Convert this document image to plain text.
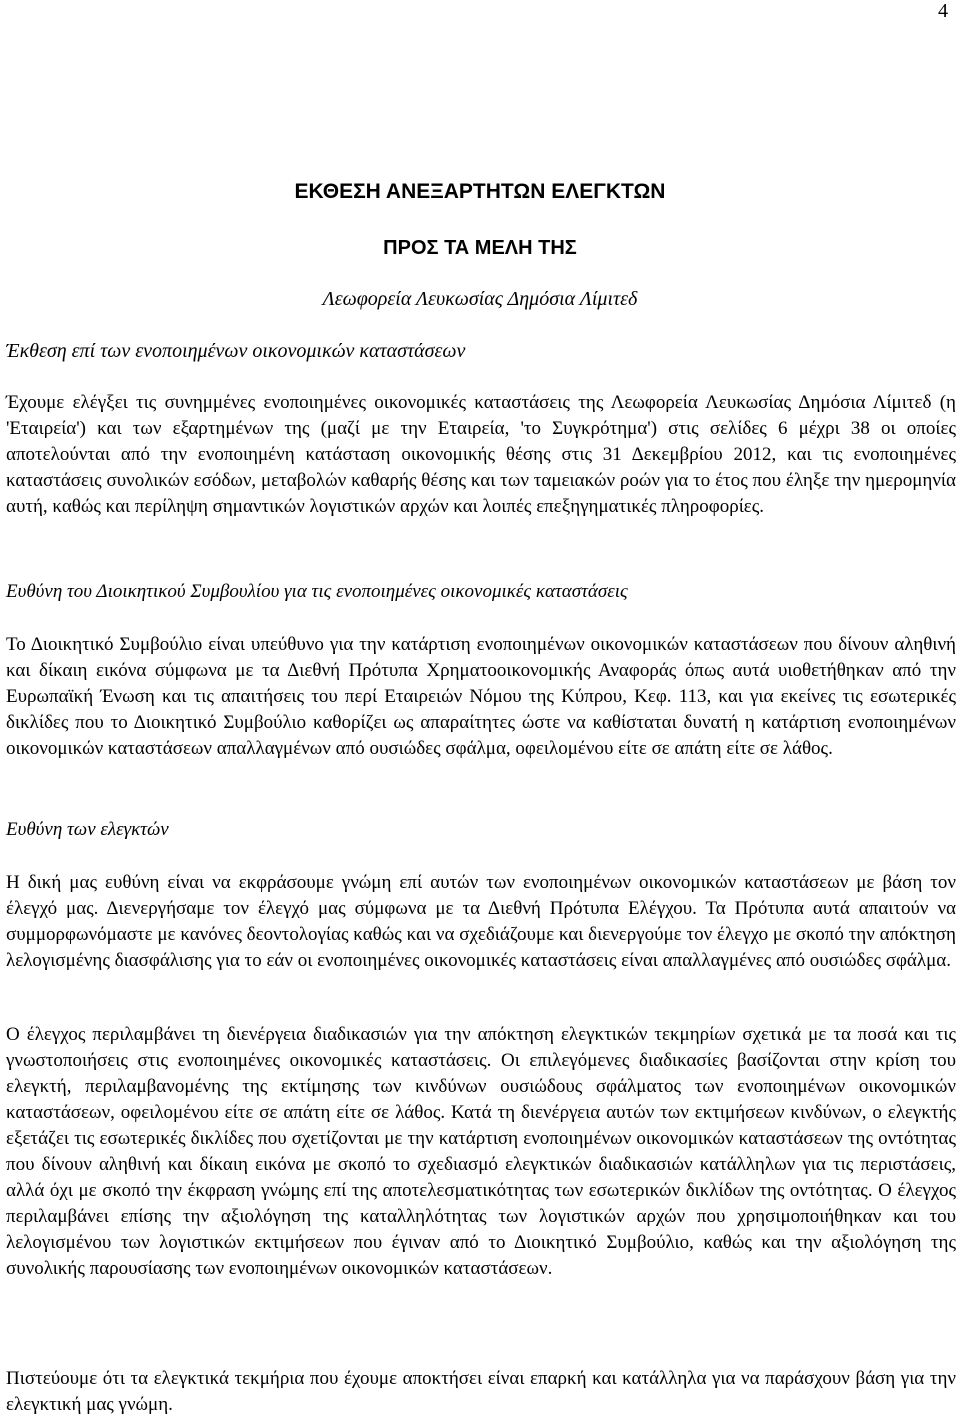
4
ΕΚΘΕΣΗ ΑΝΕΞΑΡΤΗΤΩΝ ΕΛΕΓΚΤΩΝ
ΠΡΟΣ ΤΑ ΜΕΛΗ ΤΗΣ
Λεωφορεία Λευκωσίας Δημόσια Λίμιτεδ
Έκθεση επί των ενοποιημένων οικονομικών καταστάσεων
Έχουμε ελέγξει τις συνημμένες ενοποιημένες οικονομικές καταστάσεις της Λεωφορεία Λευκωσίας Δημόσια Λίμιτεδ (η 'Εταιρεία') και των εξαρτημένων της (μαζί με την Εταιρεία, 'το Συγκρότημα') στις σελίδες 6 μέχρι 38 οι οποίες αποτελούνται από την ενοποιημένη κατάσταση οικονομικής θέσης στις 31 Δεκεμβρίου 2012, και τις ενοποιημένες καταστάσεις συνολικών εσόδων, μεταβολών καθαρής θέσης και των ταμειακών ροών για το έτος που έληξε την ημερομηνία αυτή, καθώς και περίληψη σημαντικών λογιστικών αρχών και λοιπές επεξηγηματικές πληροφορίες.
Ευθύνη του Διοικητικού Συμβουλίου για τις ενοποιημένες οικονομικές καταστάσεις
Το Διοικητικό Συμβούλιο είναι υπεύθυνο για την κατάρτιση ενοποιημένων οικονομικών καταστάσεων που δίνουν αληθινή και δίκαιη εικόνα σύμφωνα με τα Διεθνή Πρότυπα Χρηματοοικονομικής Αναφοράς όπως αυτά υιοθετήθηκαν από την Ευρωπαϊκή Ένωση και τις απαιτήσεις του περί Εταιρειών Νόμου της Κύπρου, Κεφ. 113, και για εκείνες τις εσωτερικές δικλίδες που το Διοικητικό Συμβούλιο καθορίζει ως απαραίτητες ώστε να καθίσταται δυνατή η κατάρτιση ενοποιημένων οικονομικών καταστάσεων απαλλαγμένων από ουσιώδες σφάλμα, οφειλομένου είτε σε απάτη είτε σε λάθος.
Ευθύνη των ελεγκτών
Η δική μας ευθύνη είναι να εκφράσουμε γνώμη επί αυτών των ενοποιημένων οικονομικών καταστάσεων με βάση τον έλεγχό μας. Διενεργήσαμε τον έλεγχό μας σύμφωνα με τα Διεθνή Πρότυπα Ελέγχου. Τα Πρότυπα αυτά απαιτούν να συμμορφωνόμαστε με κανόνες δεοντολογίας καθώς και να σχεδιάζουμε και διενεργούμε τον έλεγχο με σκοπό την απόκτηση λελογισμένης διασφάλισης για το εάν οι ενοποιημένες οικονομικές καταστάσεις είναι απαλλαγμένες από ουσιώδες σφάλμα.
Ο έλεγχος περιλαμβάνει τη διενέργεια διαδικασιών για την απόκτηση ελεγκτικών τεκμηρίων σχετικά με τα ποσά και τις γνωστοποιήσεις στις ενοποιημένες οικονομικές καταστάσεις. Οι επιλεγόμενες διαδικασίες βασίζονται στην κρίση του ελεγκτή, περιλαμβανομένης της εκτίμησης των κινδύνων ουσιώδους σφάλματος των ενοποιημένων οικονομικών καταστάσεων, οφειλομένου είτε σε απάτη είτε σε λάθος. Κατά τη διενέργεια αυτών των εκτιμήσεων κινδύνων, ο ελεγκτής εξετάζει τις εσωτερικές δικλίδες που σχετίζονται με την κατάρτιση ενοποιημένων οικονομικών καταστάσεων της οντότητας που δίνουν αληθινή και δίκαιη εικόνα με σκοπό το σχεδιασμό ελεγκτικών διαδικασιών κατάλληλων για τις περιστάσεις, αλλά όχι με σκοπό την έκφραση γνώμης επί της αποτελεσματικότητας των εσωτερικών δικλίδων της οντότητας. Ο έλεγχος περιλαμβάνει επίσης την αξιολόγηση της καταλληλότητας των λογιστικών αρχών που χρησιμοποιήθηκαν και του λελογισμένου των λογιστικών εκτιμήσεων που έγιναν από το Διοικητικό Συμβούλιο, καθώς και την αξιολόγηση της συνολικής παρουσίασης των ενοποιημένων οικονομικών καταστάσεων.
Πιστεύουμε ότι τα ελεγκτικά τεκμήρια που έχουμε αποκτήσει είναι επαρκή και κατάλληλα για να παράσχουν βάση για την ελεγκτική μας γνώμη.
